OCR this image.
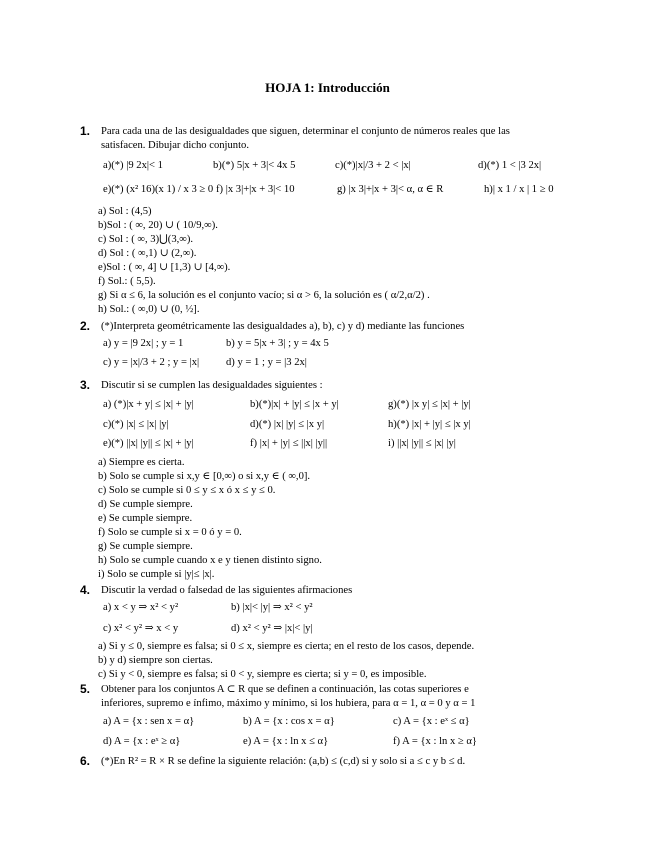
HOJA 1: Introducción
1. Para cada una de las desigualdades que siguen, determinar el conjunto de números reales que las
satisfacen. Dibujar dicho conjunto.
a)(*) |9 2x|< 1	b)(*) 5|x + 3|< 4x 5	c)(*)|x|/3 + 2 < |x|	d)(*) 1 < |3 2x|
e)(*) (x² 16)(x 1) / x 3 ≥ 0 f) |x 3|+|x + 3|< 10	g) |x 3|+|x + 3|< α, α ∈ R	h)| x 1 / x | 1 ≥ 0
a) Sol : (4,5)
b)Sol : ( ∞, 20) ∪ ( 10/9,∞).
c) Sol : ( ∞, 3)⋃(3,∞).
d) Sol : ( ∞,1) ∪ (2,∞).
e)Sol : ( ∞, 4] ∪ [1,3) ∪ [4,∞).
f) Sol.: ( 5,5).
g) Si α ≤ 6, la solución es el conjunto vacío; si α > 6, la solución es ( α/2,α/2) .
h) Sol.: ( ∞,0) ∪ (0, ½].
2. (*)Interpreta geométricamente las desigualdades a), b), c) y d) mediante las funciones
a) y = |9 2x| ; y = 1	b) y = 5|x + 3| ; y = 4x 5
c) y = |x|/3 + 2 ; y = |x|	d) y = 1 ; y = |3 2x|
3. Discutir si se cumplen las desigualdades siguientes :
a) (*)|x + y| ≤ |x| + |y|	b)(*)|x| + |y| ≤ |x + y|	g)(*) |x y| ≤ |x| + |y|
c)(*) |x| ≤ |x| |y|	d)(*) |x| |y| ≤ |x y|	h)(*) |x| + |y| ≤ |x y|
e)(*) ||x| |y|| ≤ |x| + |y|	f) |x| + |y| ≤ ||x| |y||	i) ||x| |y|| ≤ |x| |y|
a) Siempre es cierta.
b) Solo se cumple si x,y ∈ [0,∞) o si x,y ∈ ( ∞,0].
c) Solo se cumple si 0 ≤ y ≤ x ó x ≤ y ≤ 0.
d) Se cumple siempre.
e) Se cumple siempre.
f) Solo se cumple si x = 0 ó y = 0.
g) Se cumple siempre.
h) Solo se cumple cuando x e y tienen distinto signo.
i) Solo se cumple si |y|≤ |x|.
4. Discutir la verdad o falsedad de las siguientes afirmaciones
a) x < y ⇒ x² < y²	b) |x|< |y| ⇒ x² < y²
c) x² < y² ⇒ x < y	d) x² < y² ⇒ |x|< |y|
a) Si y ≤ 0, siempre es falsa; si 0 ≤ x, siempre es cierta; en el resto de los casos, depende.
b) y d) siempre son ciertas.
c) Si y < 0, siempre es falsa; si 0 < y, siempre es cierta; si y = 0, es imposible.
5. Obtener para los conjuntos A ⊂ R que se definen a continuación, las cotas superiores e
inferiores, supremo e ínfimo, máximo y mínimo, si los hubiera, para α = 1, α = 0 y α = 1
a) A = {x : sen x = α}	b) A = {x : cos x = α}	c) A = {x : eˣ ≤ α}
d) A = {x : eˣ ≥ α}	e) A = {x : ln x ≤ α}	f) A = {x : ln x ≥ α}
6. (*)En R² = R × R se define la siguiente relación: (a,b) ≤ (c,d) si y solo si a ≤ c y b ≤ d.
